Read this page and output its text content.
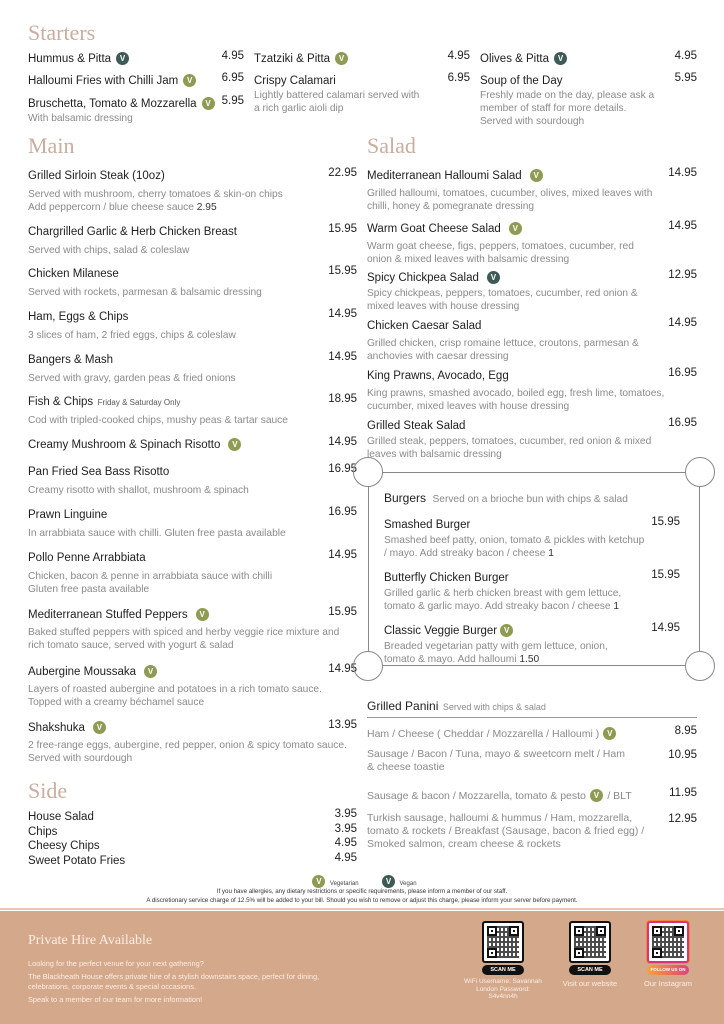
Starters
Hummus & Pitta V	4.95
Halloumi Fries with Chilli Jam V	6.95
Bruschetta, Tomato & Mozzarella V 5.95
With balsamic dressing
Tzatziki & Pitta V	4.95
Crispy Calamari	6.95
Lightly battered calamari served with a rich garlic aioli dip
Olives & Pitta V	4.95
Soup of the Day	5.95
Freshly made on the day, please ask a member of staff for more details. Served with sourdough
Main
Grilled Sirloin Steak (10oz)	22.95
Served with mushroom, cherry tomatoes & skin-on chips
Add peppercorn / blue cheese sauce 2.95
Chargrilled Garlic & Herb Chicken Breast	15.95
Served with chips, salad & coleslaw
Chicken Milanese	15.95
Served with rockets, parmesan & balsamic dressing
Ham, Eggs & Chips	14.95
3 slices of ham, 2 fried eggs, chips & coleslaw
Bangers & Mash	14.95
Served with gravy, garden peas & fried onions
Fish & Chips Friday & Saturday Only	18.95
Cod with tripled-cooked chips, mushy peas & tartar sauce
Creamy Mushroom & Spinach Risotto V	14.95
Pan Fried Sea Bass Risotto	16.95
Creamy risotto with shallot, mushroom & spinach
Prawn Linguine	16.95
In arrabbiata sauce with chilli. Gluten free pasta available
Pollo Penne Arrabbiata	14.95
Chicken, bacon & penne in arrabbiata sauce with chilli
Gluten free pasta available
Mediterranean Stuffed Peppers V	15.95
Baked stuffed peppers with spiced and herby veggie rice mixture and rich tomato sauce, served with yogurt & salad
Aubergine Moussaka V	14.95
Layers of roasted aubergine and potatoes in a rich tomato sauce. Topped with a creamy béchamel sauce
Shakshuka V	13.95
2 free-range eggs, aubergine, red pepper, onion & spicy tomato sauce. Served with sourdough
Side
House Salad	3.95
Chips	3.95
Cheesy Chips	4.95
Sweet Potato Fries	4.95
Salad
Mediterranean Halloumi Salad V	14.95
Grilled halloumi, tomatoes, cucumber, olives, mixed leaves with chilli, honey & pomegranate dressing
Warm Goat Cheese Salad V	14.95
Warm goat cheese, figs, peppers, tomatoes, cucumber, red onion & mixed leaves with balsamic dressing
Spicy Chickpea Salad V	12.95
Spicy chickpeas, peppers, tomatoes, cucumber, red onion & mixed leaves with house dressing
Chicken Caesar Salad	14.95
Grilled chicken, crisp romaine lettuce, croutons, parmesan & anchovies with caesar dressing
King Prawns, Avocado, Egg	16.95
King prawns, smashed avocado, boiled egg, fresh lime, tomatoes, cucumber, mixed leaves with house dressing
Grilled Steak Salad	16.95
Grilled steak, peppers, tomatoes, cucumber, red onion & mixed leaves with balsamic dressing
Burgers Served on a brioche bun with chips & salad
Smashed Burger	15.95
Smashed beef patty, onion, tomato & pickles with ketchup / mayo. Add streaky bacon / cheese 1
Butterfly Chicken Burger	15.95
Grilled garlic & herb chicken breast with gem lettuce, tomato & garlic mayo. Add streaky bacon / cheese 1
Classic Veggie Burger V	14.95
Breaded vegetarian patty with gem lettuce, onion, tomato & mayo. Add halloumi 1.50
Grilled Panini Served with chips & salad
Ham / Cheese ( Cheddar / Mozzarella / Halloumi ) V	8.95
Sausage / Bacon / Tuna, mayo & sweetcorn melt / Ham & cheese toastie
10.95
Sausage & bacon / Mozzarella, tomato & pesto V / BLT	11.95
Turkish sausage, halloumi & hummus / Ham, mozzarella, tomato & rockets / Breakfast (Sausage, bacon & fried egg) / Smoked salmon, cream cheese & rockets
12.95
V Vegetarian	V Vegan
If you have allergies, any dietary restrictions or specific requirements, please inform a member of our staff.
A discretionary service charge of 12.5% will be added to your bill. Should you wish to remove or adjust this charge, please inform your server before payment.
Private Hire Available
Looking for the perfect venue for your next gathering?
The Blackheath House offers private hire of a stylish downstairs space, perfect for dining, celebrations, corporate events & special occasions.
Speak to a member of our team for more information!
SCAN ME
WiFi Username: Savannah London Password: S4v4nn4h
SCAN ME
Visit our website
FOLLOW US ON
Our Instagram
